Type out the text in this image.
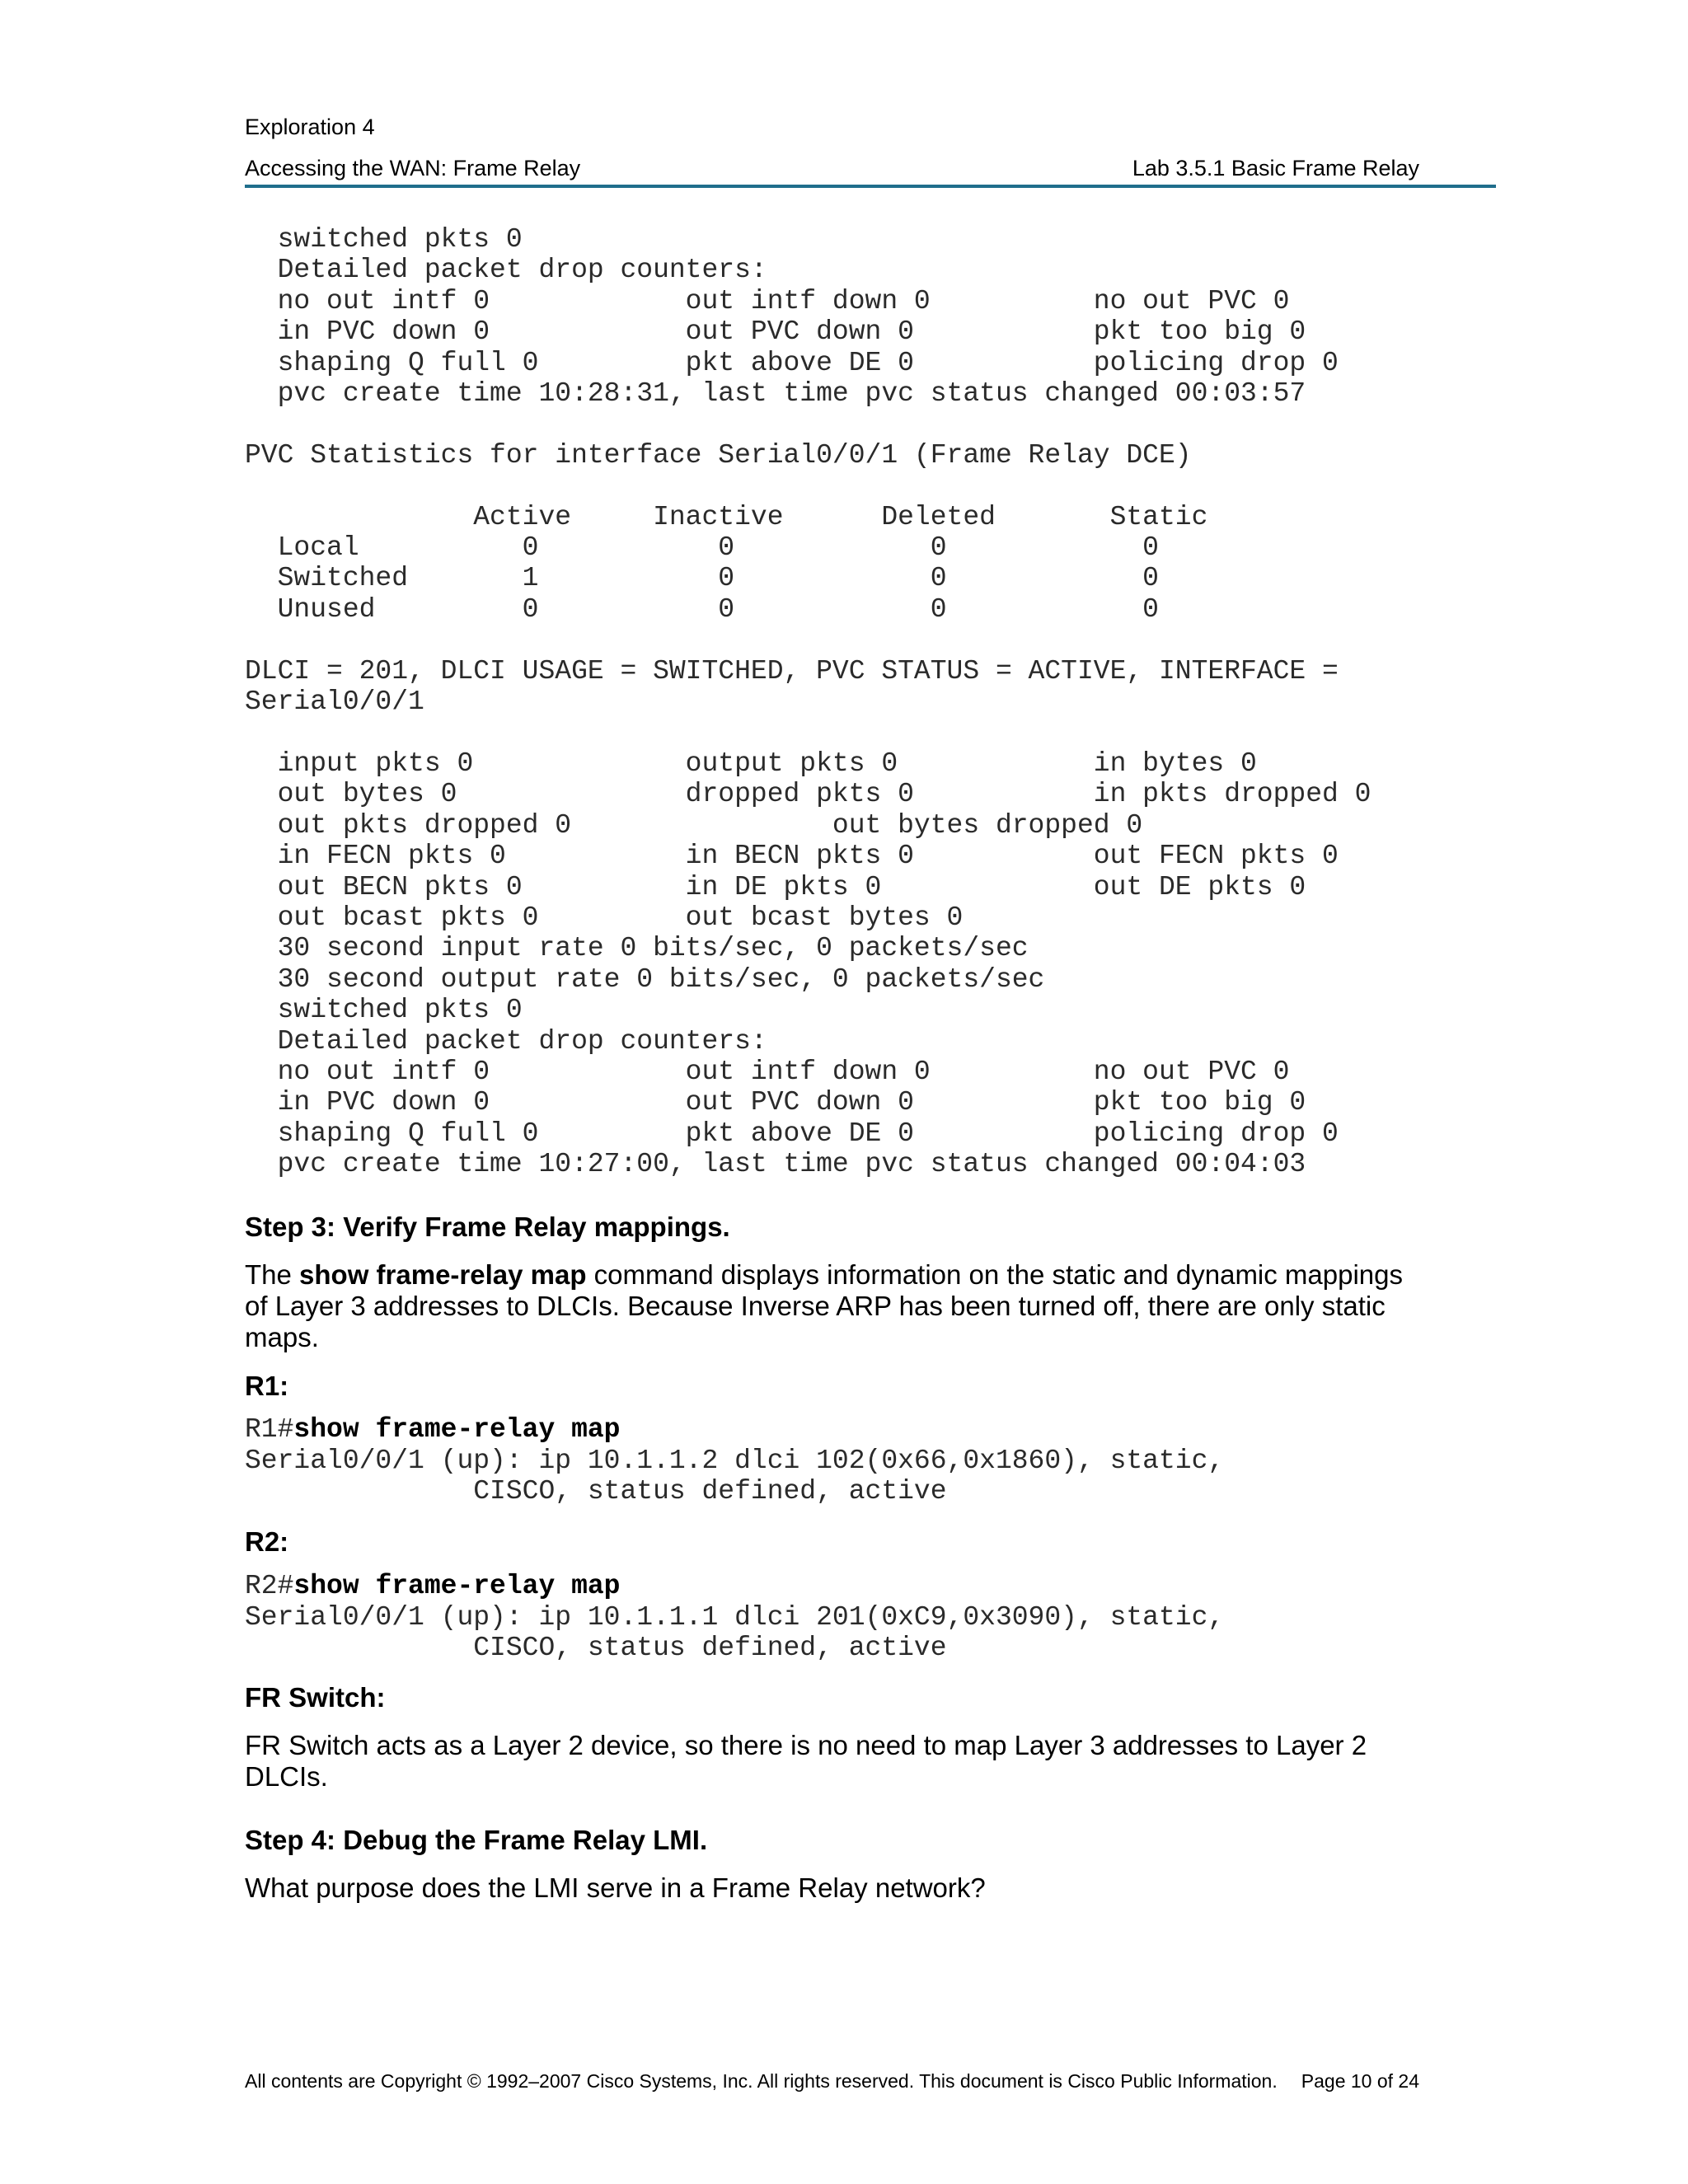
Exploration 4
Accessing the WAN: Frame Relay	Lab 3.5.1 Basic Frame Relay
switched pkts 0
Detailed packet drop counters:
no out intf 0            out intf down 0          no out PVC 0
in PVC down 0            out PVC down 0           pkt too big 0
shaping Q full 0         pkt above DE 0           policing drop 0
pvc create time 10:28:31, last time pvc status changed 00:03:57

PVC Statistics for interface Serial0/0/1 (Frame Relay DCE)

Active     Inactive      Deleted       Static
Local          0           0            0            0
Switched       1           0            0            0
Unused         0           0            0            0

DLCI = 201, DLCI USAGE = SWITCHED, PVC STATUS = ACTIVE, INTERFACE =
Serial0/0/1

input pkts 0             output pkts 0            in bytes 0
out bytes 0              dropped pkts 0           in pkts dropped 0
out pkts dropped 0                out bytes dropped 0
in FECN pkts 0           in BECN pkts 0           out FECN pkts 0
out BECN pkts 0          in DE pkts 0             out DE pkts 0
out bcast pkts 0         out bcast bytes 0
30 second input rate 0 bits/sec, 0 packets/sec
30 second output rate 0 bits/sec, 0 packets/sec
switched pkts 0
Detailed packet drop counters:
no out intf 0            out intf down 0          no out PVC 0
in PVC down 0            out PVC down 0           pkt too big 0
shaping Q full 0         pkt above DE 0           policing drop 0
pvc create time 10:27:00, last time pvc status changed 00:04:03
Step 3: Verify Frame Relay mappings.
The show frame-relay map command displays information on the static and dynamic mappings of Layer 3 addresses to DLCIs. Because Inverse ARP has been turned off, there are only static maps.
R1:
R1#show frame-relay map
Serial0/0/1 (up): ip 10.1.1.2 dlci 102(0x66,0x1860), static,
CISCO, status defined, active
R2:
R2#show frame-relay map
Serial0/0/1 (up): ip 10.1.1.1 dlci 201(0xC9,0x3090), static,
CISCO, status defined, active
FR Switch:
FR Switch acts as a Layer 2 device, so there is no need to map Layer 3 addresses to Layer 2 DLCIs.
Step 4: Debug the Frame Relay LMI.
What purpose does the LMI serve in a Frame Relay network?
All contents are Copyright © 1992–2007 Cisco Systems, Inc. All rights reserved. This document is Cisco Public Information. Page 10 of 24
